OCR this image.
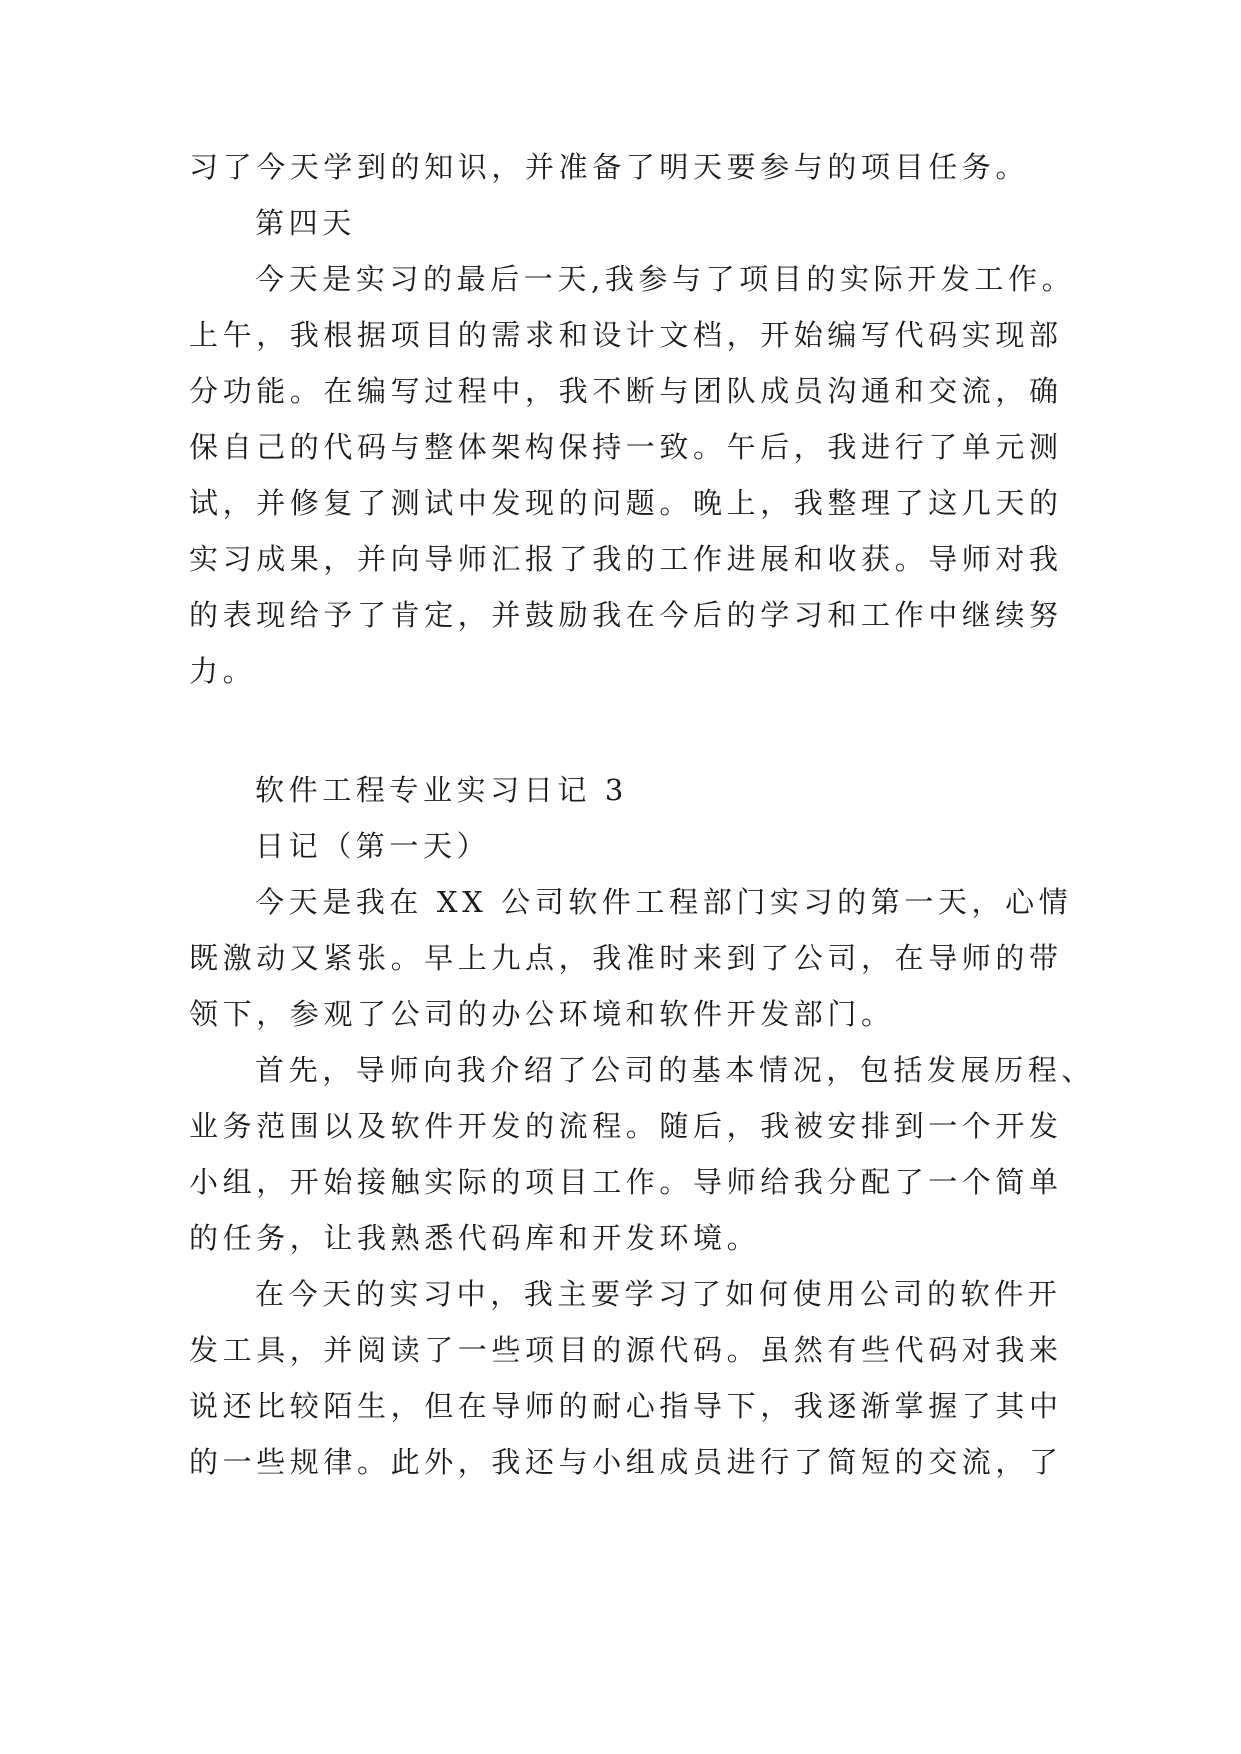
习了今天学到的知识，并准备了明天要参与的项目任务。
第四天
今天是实习的最后一天,我参与了项目的实际开发工作。
上午，我根据项目的需求和设计文档，开始编写代码实现部
分功能。在编写过程中，我不断与团队成员沟通和交流，确
保自己的代码与整体架构保持一致。午后，我进行了单元测
试，并修复了测试中发现的问题。晚上，我整理了这几天的
实习成果，并向导师汇报了我的工作进展和收获。导师对我
的表现给予了肯定，并鼓励我在今后的学习和工作中继续努
力。
软件工程专业实习日记 3
日记（第一天）
今天是我在 XX 公司软件工程部门实习的第一天，心情
既激动又紧张。早上九点，我准时来到了公司，在导师的带
领下，参观了公司的办公环境和软件开发部门。
首先，导师向我介绍了公司的基本情况，包括发展历程、
业务范围以及软件开发的流程。随后，我被安排到一个开发
小组，开始接触实际的项目工作。导师给我分配了一个简单
的任务，让我熟悉代码库和开发环境。
在今天的实习中，我主要学习了如何使用公司的软件开
发工具，并阅读了一些项目的源代码。虽然有些代码对我来
说还比较陌生，但在导师的耐心指导下，我逐渐掌握了其中
的一些规律。此外，我还与小组成员进行了简短的交流，了
